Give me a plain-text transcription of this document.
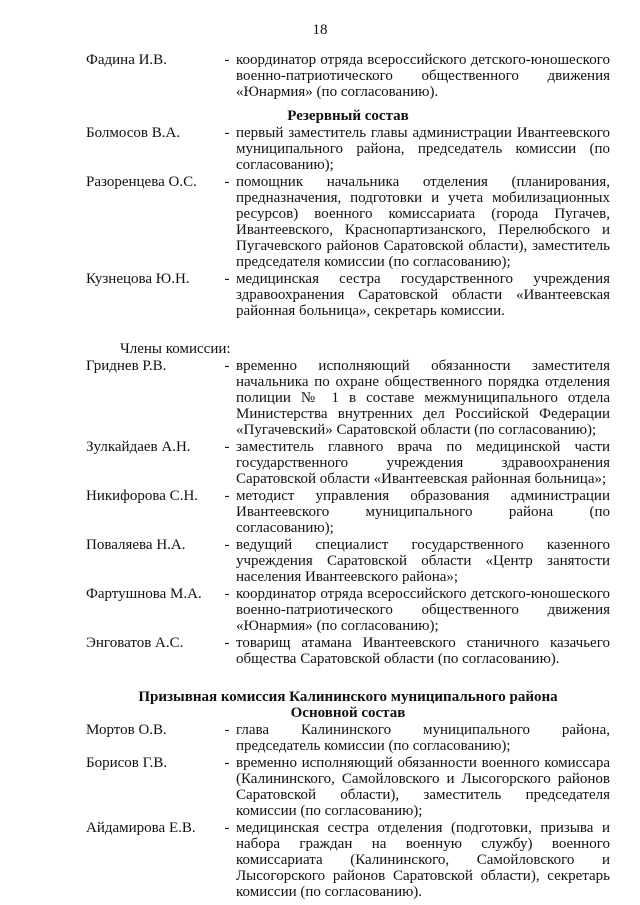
18
Фадина И.В.	- координатор отряда всероссийского детского-юношеского военно-патриотического общественного движения «Юнармия» (по согласованию).
Резервный состав
Болмосов В.А.	- первый заместитель главы администрации Ивантеевского муниципального района, председатель комиссии (по согласованию);
Разоренцева О.С.	- помощник начальника отделения (планирования, предназначения, подготовки и учета мобилизационных ресурсов) военного комиссариата (города Пугачев, Ивантеевского, Краснопартизанского, Перелюбского и Пугачевского районов Саратовской области), заместитель председателя комиссии (по согласованию);
Кузнецова Ю.Н.	- медицинская сестра государственного учреждения здравоохранения Саратовской области «Ивантеевская районная больница», секретарь комиссии.
Члены комиссии:
Гриднев Р.В.	- временно исполняющий обязанности заместителя начальника по охране общественного порядка отделения полиции № 1 в составе межмуниципального отдела Министерства внутренних дел Российской Федерации «Пугачевский» Саратовской области (по согласованию);
Зулкайдаев А.Н.	- заместитель главного врача по медицинской части государственного учреждения здравоохранения Саратовской области «Ивантеевская районная больница»;
Никифорова С.Н.	- методист управления образования администрации Ивантеевского муниципального района (по согласованию);
Поваляева Н.А.	- ведущий специалист государственного казенного учреждения Саратовской области «Центр занятости населения Ивантеевского района»;
Фартушнова М.А.	- координатор отряда всероссийского детского-юношеского военно-патриотического общественного движения «Юнармия» (по согласованию);
Энговатов А.С.	- товарищ атамана Ивантеевского станичного казачьего общества Саратовской области (по согласованию).
Призывная комиссия Калининского муниципального района
Основной состав
Мортов О.В.	- глава Калининского муниципального района, председатель комиссии (по согласованию);
Борисов Г.В.	- временно исполняющий обязанности военного комиссара (Калининского, Самойловского и Лысогорского районов Саратовской области), заместитель председателя комиссии (по согласованию);
Айдамирова Е.В.	- медицинская сестра отделения (подготовки, призыва и набора граждан на военную службу) военного комиссариата (Калининского, Самойловского и Лысогорского районов Саратовской области), секретарь комиссии (по согласованию).
